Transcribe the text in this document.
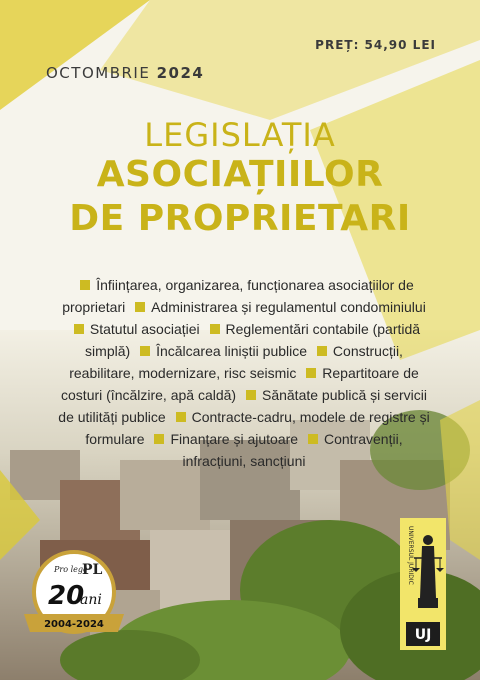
PREȚ: 54,90 LEI
OCTOMBRIE 2024
LEGISLAȚIA
ASOCIAȚIILOR
DE PROPRIETARI
Înființarea, organizarea, funcționarea asociațiilor de proprietari Administrarea și regulamentul condominiului Statutul asociației Reglementări contabile (partidă simplă) Încălcarea liniștii publice Construcții, reabilitare, modernizare, risc seismic Repartitoare de costuri (încălzire, apă caldă) Sănătate publică și servicii de utilități publice Contracte-cadru, modele de registre și formulare Finanțare și ajutoare Contravenții, infracțiuni, sancțiuni
Pro lege
PL
20
ani
2004-2024
UNIVERSUL JURIDIC
UJ
